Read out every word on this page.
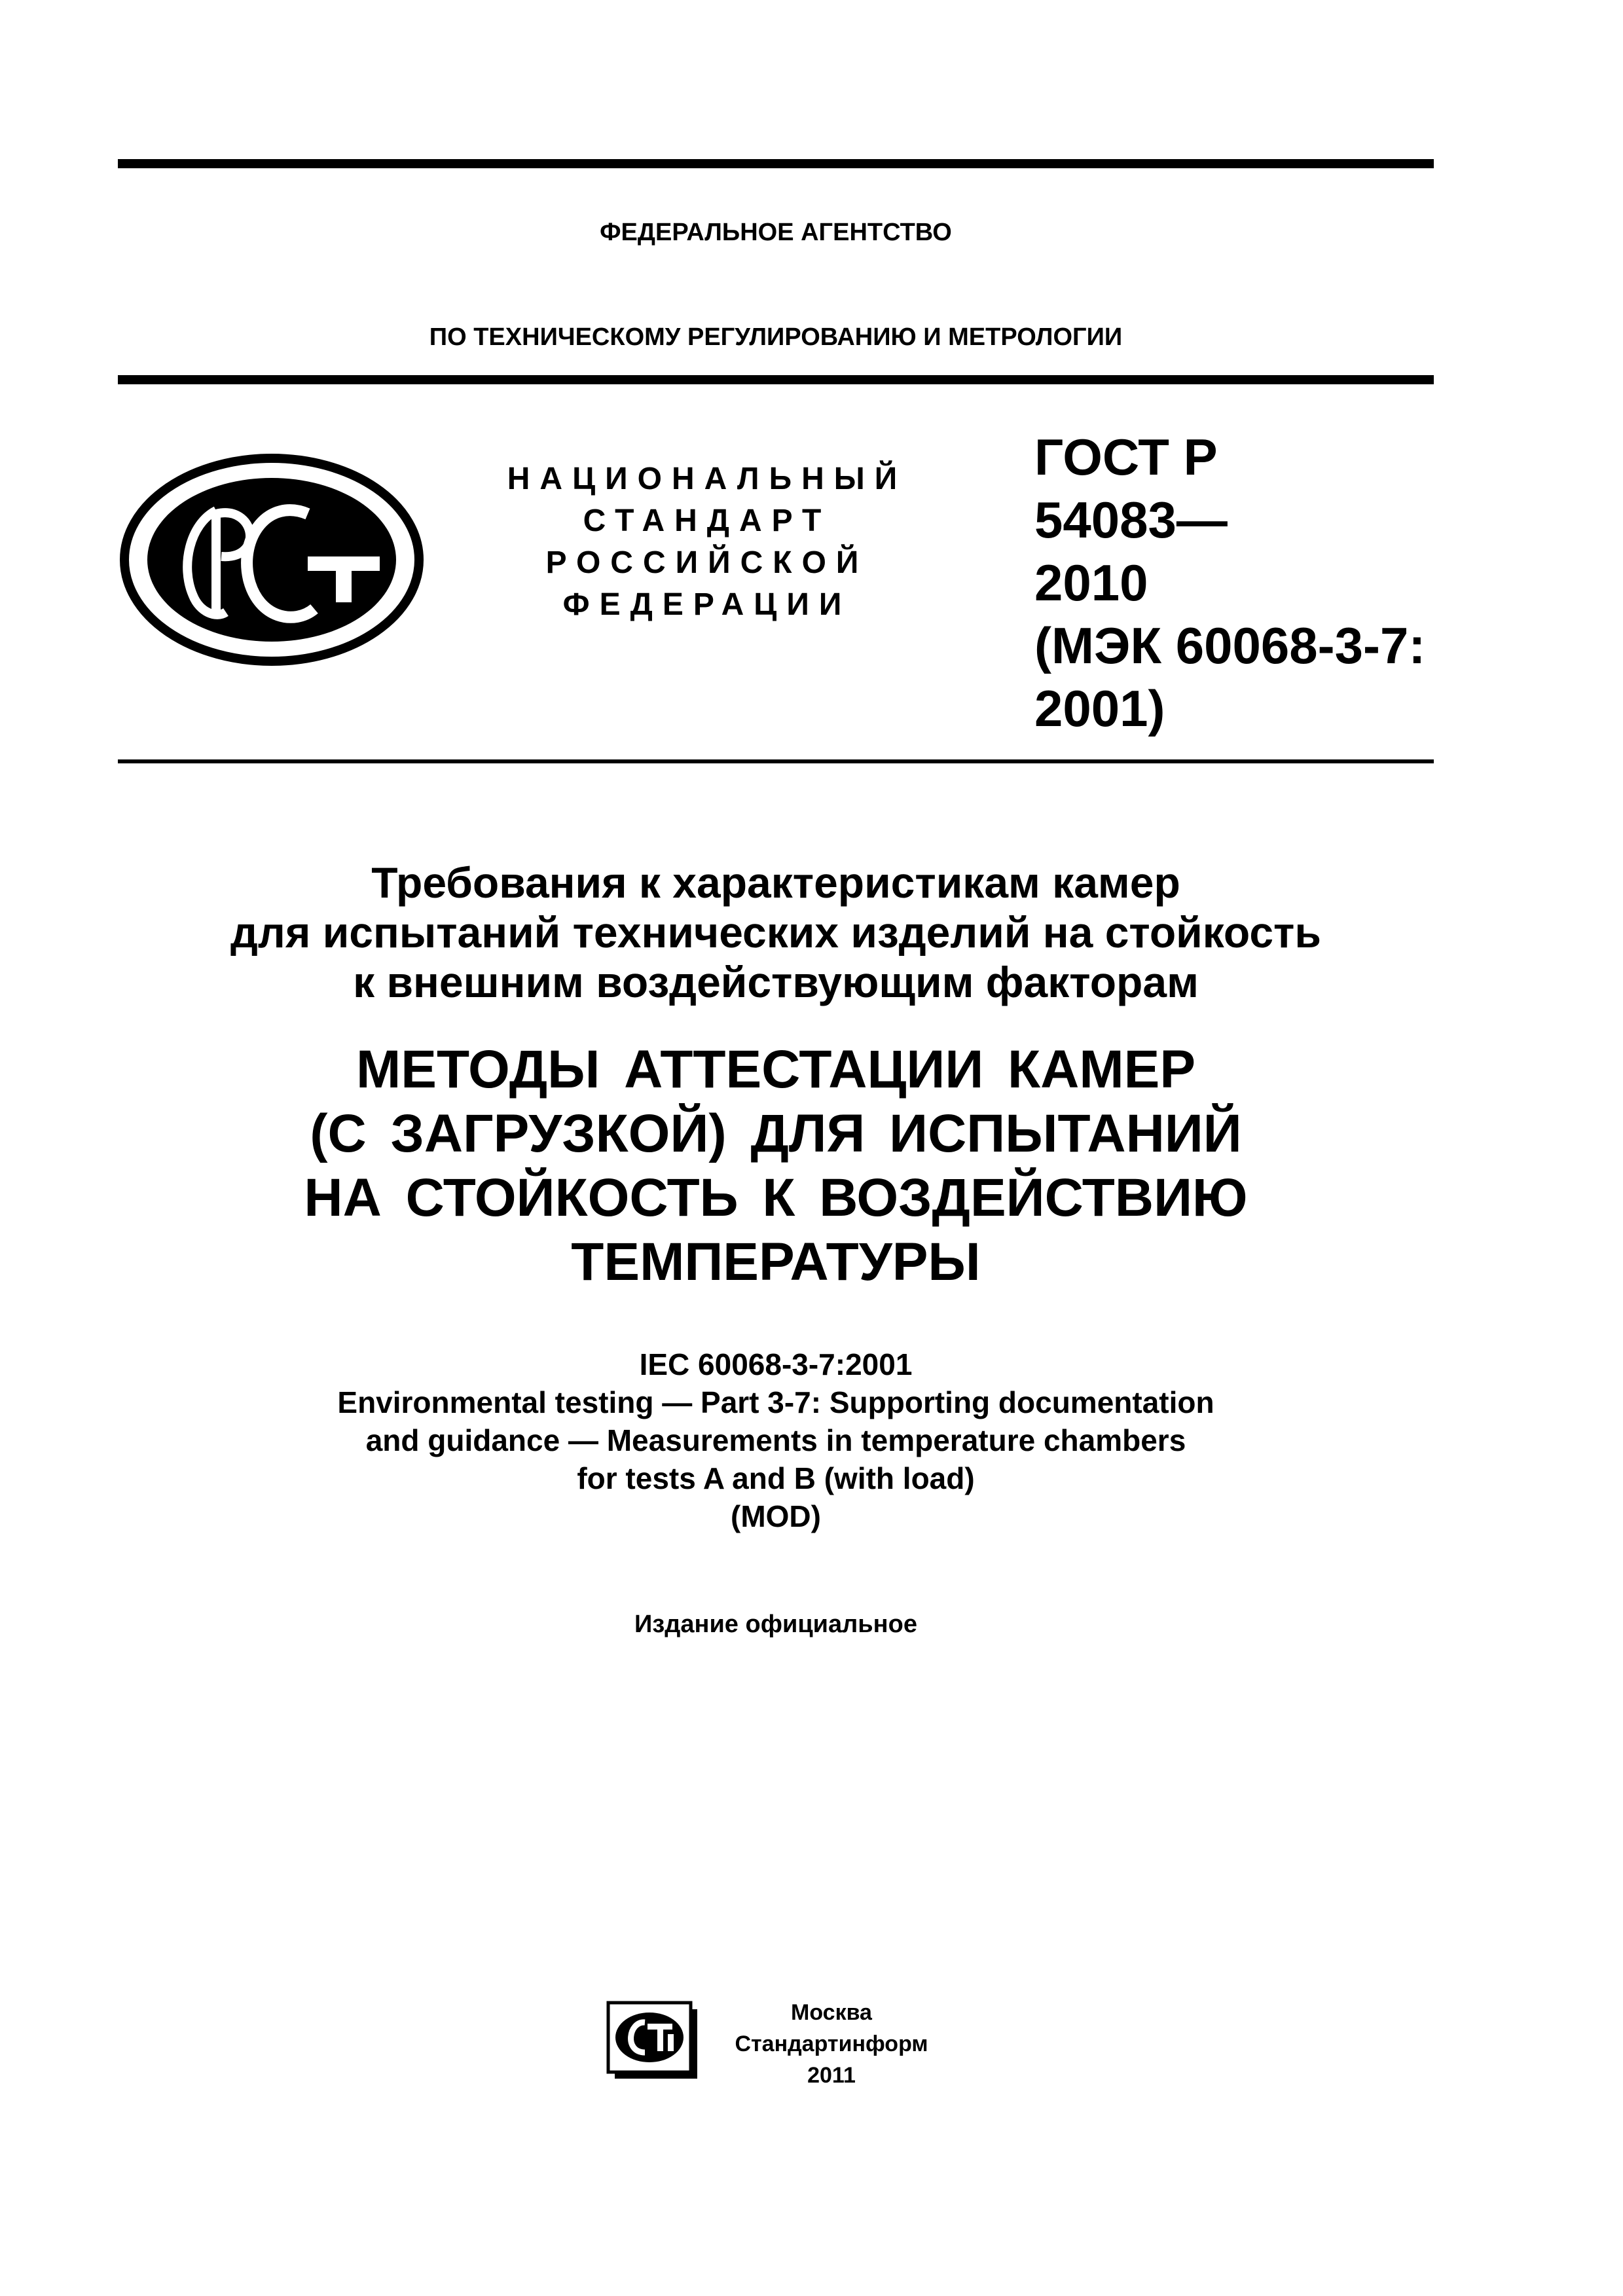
ФЕДЕРАЛЬНОЕ АГЕНТСТВО
ПО ТЕХНИЧЕСКОМУ РЕГУЛИРОВАНИЮ И МЕТРОЛОГИИ
НАЦИОНАЛЬНЫЙ
СТАНДАРТ
РОССИЙСКОЙ
ФЕДЕРАЦИИ
ГОСТ Р
54083—
2010
(МЭК 60068-3-7:
2001)
Требования к характеристикам камер
для испытаний технических изделий на стойкость
к внешним воздействующим факторам
МЕТОДЫ АТТЕСТАЦИИ КАМЕР
(С ЗАГРУЗКОЙ) ДЛЯ ИСПЫТАНИЙ
НА СТОЙКОСТЬ К ВОЗДЕЙСТВИЮ
ТЕМПЕРАТУРЫ
IEC 60068-3-7:2001
Environmental testing — Part 3-7: Supporting documentation
and guidance — Measurements in temperature chambers
for tests A and B (with load)
(MOD)
Издание официальное
Москва
Стандартинформ
2011
